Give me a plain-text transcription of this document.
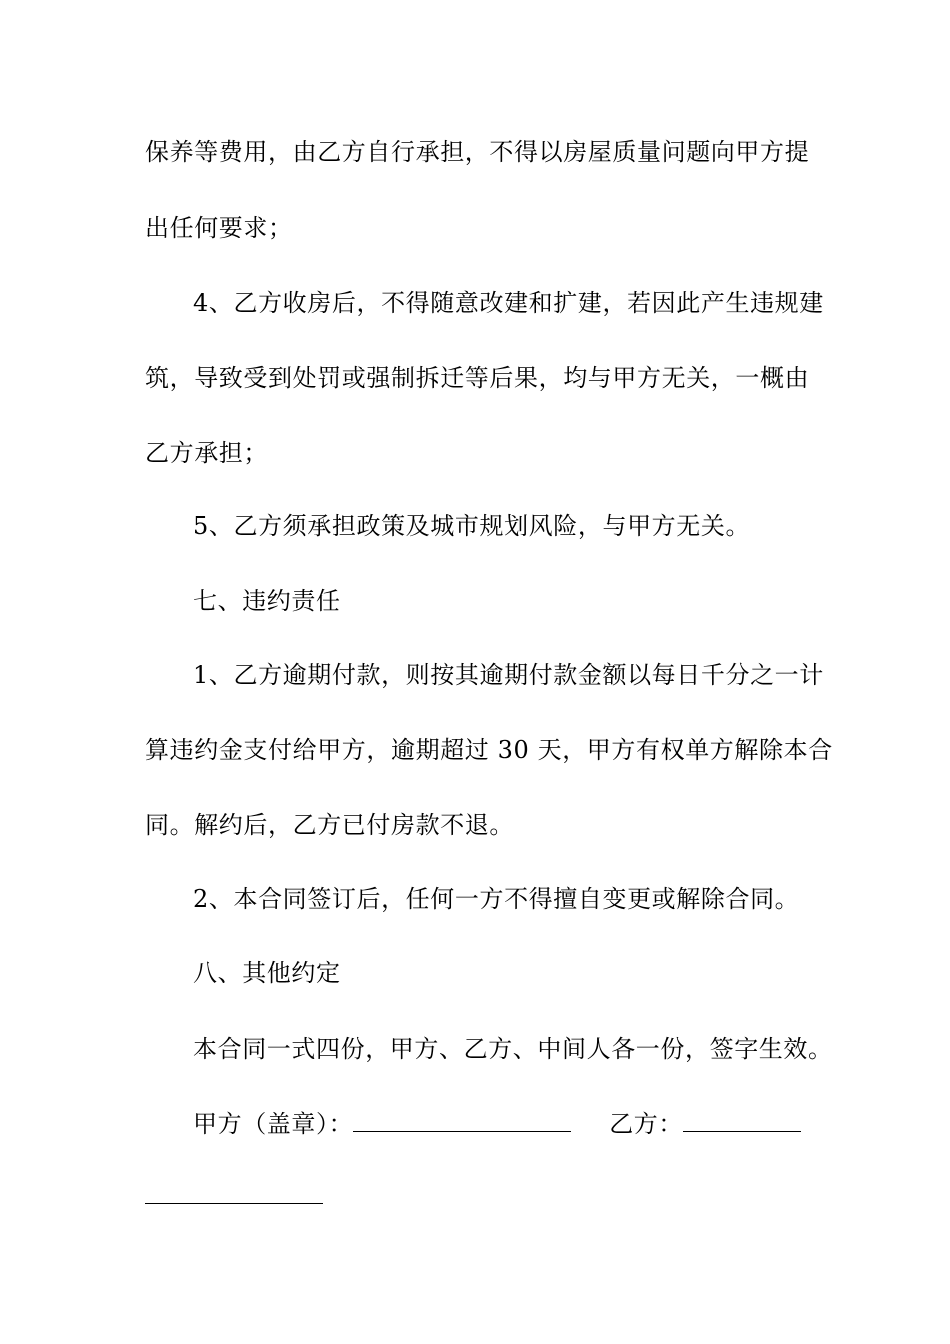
保养等费用，由乙方自行承担，不得以房屋质量问题向甲方提
出任何要求；
4、乙方收房后，不得随意改建和扩建，若因此产生违规建
筑，导致受到处罚或强制拆迁等后果，均与甲方无关，一概由
乙方承担；
5、乙方须承担政策及城市规划风险，与甲方无关。
七、违约责任
1、乙方逾期付款，则按其逾期付款金额以每日千分之一计
算违约金支付给甲方，逾期超过 30 天，甲方有权单方解除本合
同。解约后，乙方已付房款不退。
2、本合同签订后，任何一方不得擅自变更或解除合同。
八、其他约定
本合同一式四份，甲方、乙方、中间人各一份，签字生效。
甲方（盖章）：	乙方：
